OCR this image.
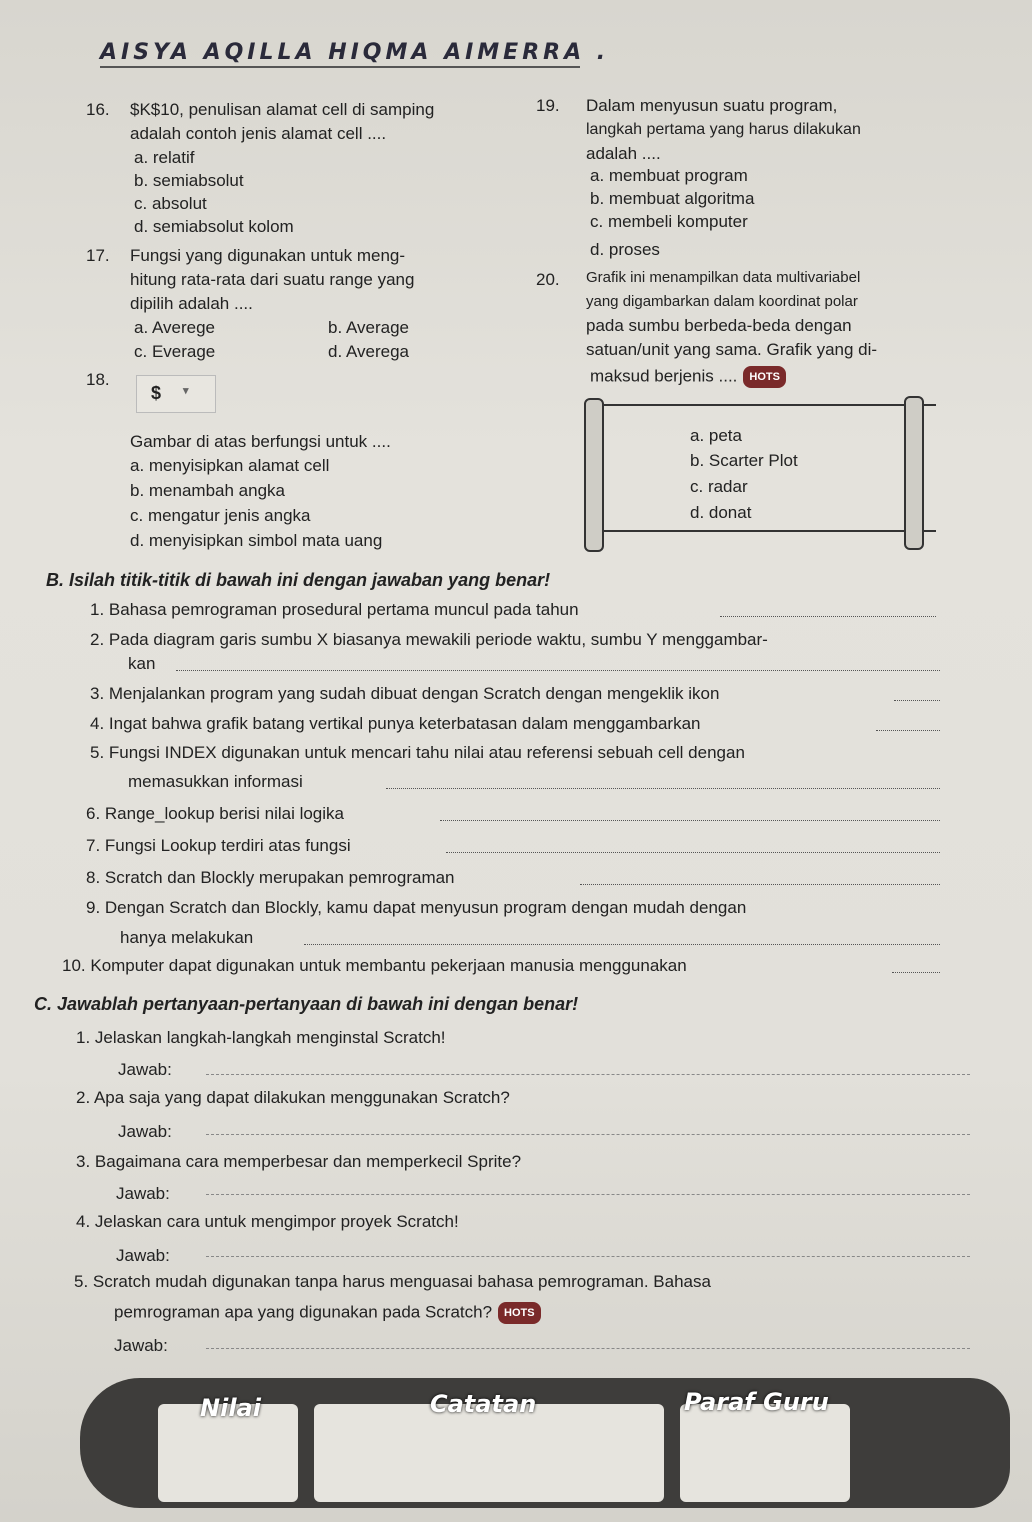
AISYA AQILLA HIQMA AIMERRA .
16. $K$10, penulisan alamat cell di samping
adalah contoh jenis alamat cell ....
a. relatif
b. semiabsolut
c. absolut
d. semiabsolut kolom
17. Fungsi yang digunakan untuk meng-
hitung rata-rata dari suatu range yang
dipilih adalah ....
a. Averege	b. Average
c. Everage	d. Averega
18.
$ ▾
Gambar di atas berfungsi untuk ....
a. menyisipkan alamat cell
b. menambah angka
c. mengatur jenis angka
d. menyisipkan simbol mata uang
19. Dalam menyusun suatu program,
langkah pertama yang harus dilakukan
adalah ....
a. membuat program
b. membuat algoritma
c. membeli komputer
d. proses
20. Grafik ini menampilkan data multivariabel
yang digambarkan dalam koordinat polar
pada sumbu berbeda-beda dengan
satuan/unit yang sama. Grafik yang di-
maksud berjenis .... HOTS
a. peta
b. Scarter Plot
c. radar
d. donat
B. Isilah titik-titik di bawah ini dengan jawaban yang benar!
1. Bahasa pemrograman prosedural pertama muncul pada tahun
2. Pada diagram garis sumbu X biasanya mewakili periode waktu, sumbu Y menggambar-
kan
3. Menjalankan program yang sudah dibuat dengan Scratch dengan mengeklik ikon
4. Ingat bahwa grafik batang vertikal punya keterbatasan dalam menggambarkan
5. Fungsi INDEX digunakan untuk mencari tahu nilai atau referensi sebuah cell dengan
memasukkan informasi
6. Range_lookup berisi nilai logika
7. Fungsi Lookup terdiri atas fungsi
8. Scratch dan Blockly merupakan pemrograman
9. Dengan Scratch dan Blockly, kamu dapat menyusun program dengan mudah dengan
hanya melakukan
10. Komputer dapat digunakan untuk membantu pekerjaan manusia menggunakan
C. Jawablah pertanyaan-pertanyaan di bawah ini dengan benar!
1. Jelaskan langkah-langkah menginstal Scratch!
Jawab:
2. Apa saja yang dapat dilakukan menggunakan Scratch?
Jawab:
3. Bagaimana cara memperbesar dan memperkecil Sprite?
Jawab:
4. Jelaskan cara untuk mengimpor proyek Scratch!
Jawab:
5. Scratch mudah digunakan tanpa harus menguasai bahasa pemrograman. Bahasa
pemrograman apa yang digunakan pada Scratch? HOTS
Jawab:
Nilai	Catatan	Paraf Guru
